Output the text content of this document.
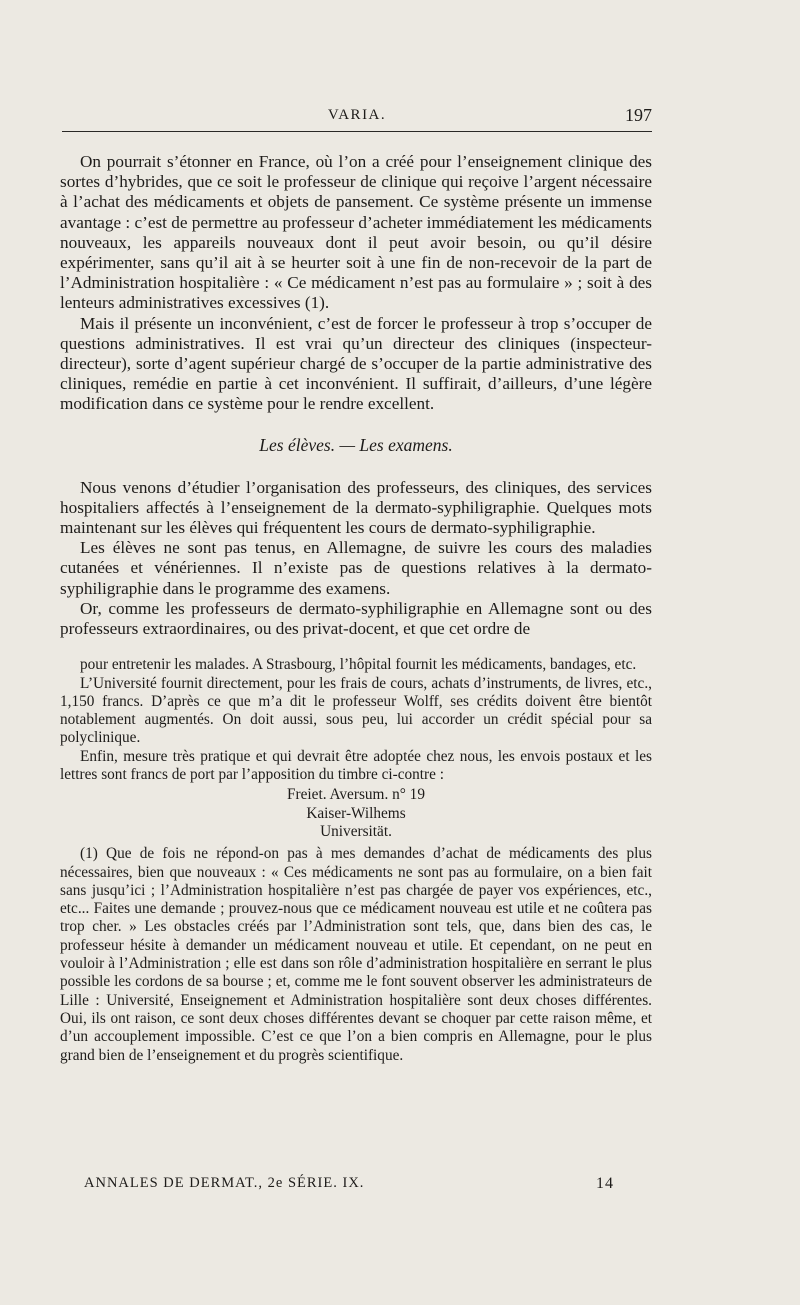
VARIA.	197

On pourrait s’étonner en France, où l’on a créé pour l’enseignement clinique des sortes d’hybrides, que ce soit le professeur de clinique qui reçoive l’argent nécessaire à l’achat des médicaments et objets de pansement. Ce système présente un immense avantage : c’est de permettre au professeur d’acheter immédiatement les médicaments nouveaux, les appareils nouveaux dont il peut avoir besoin, ou qu’il désire expérimenter, sans qu’il ait à se heurter soit à une fin de non-recevoir de la part de l’Administration hospitalière : « Ce médicament n’est pas au formulaire » ; soit à des lenteurs administratives excessives (1).

Mais il présente un inconvénient, c’est de forcer le professeur à trop s’occuper de questions administratives. Il est vrai qu’un directeur des cliniques (inspecteur-directeur), sorte d’agent supérieur chargé de s’occuper de la partie administrative des cliniques, remédie en partie à cet inconvénient. Il suffirait, d’ailleurs, d’une légère modification dans ce système pour le rendre excellent.

Les élèves. — Les examens.

Nous venons d’étudier l’organisation des professeurs, des cliniques, des services hospitaliers affectés à l’enseignement de la dermato-syphiligraphie. Quelques mots maintenant sur les élèves qui fréquentent les cours de dermato-syphiligraphie.

Les élèves ne sont pas tenus, en Allemagne, de suivre les cours des maladies cutanées et vénériennes. Il n’existe pas de questions relatives à la dermato-syphiligraphie dans le programme des examens.

Or, comme les professeurs de dermato-syphiligraphie en Allemagne sont ou des professeurs extraordinaires, ou des privat-docent, et que cet ordre de

pour entretenir les malades. A Strasbourg, l’hôpital fournit les médicaments, bandages, etc.

L’Université fournit directement, pour les frais de cours, achats d’instruments, de livres, etc., 1,150 francs. D’après ce que m’a dit le professeur Wolff, ses crédits doivent être bientôt notablement augmentés. On doit aussi, sous peu, lui accorder un crédit spécial pour sa polyclinique.

Enfin, mesure très pratique et qui devrait être adoptée chez nous, les envois postaux et les lettres sont francs de port par l’apposition du timbre ci-contre :

Freiet. Aversum. n° 19
Kaiser-Wilhems
Universität.

(1) Que de fois ne répond-on pas à mes demandes d’achat de médicaments des plus nécessaires, bien que nouveaux : « Ces médicaments ne sont pas au formulaire, on a bien fait sans jusqu’ici ; l’Administration hospitalière n’est pas chargée de payer vos expériences, etc., etc... Faites une demande ; prouvez-nous que ce médicament nouveau est utile et ne coûtera pas trop cher. » Les obstacles créés par l’Administration sont tels, que, dans bien des cas, le professeur hésite à demander un médicament nouveau et utile. Et cependant, on ne peut en vouloir à l’Administration ; elle est dans son rôle d’administration hospitalière en serrant le plus possible les cordons de sa bourse ; et, comme me le font souvent observer les administrateurs de Lille : Université, Enseignement et Administration hospitalière sont deux choses différentes. Oui, ils ont raison, ce sont deux choses différentes devant se choquer par cette raison même, et d’un accouplement impossible. C’est ce que l’on a bien compris en Allemagne, pour le plus grand bien de l’enseignement et du progrès scientifique.

ANNALES DE DERMAT., 2e SÉRIE. IX.	14
